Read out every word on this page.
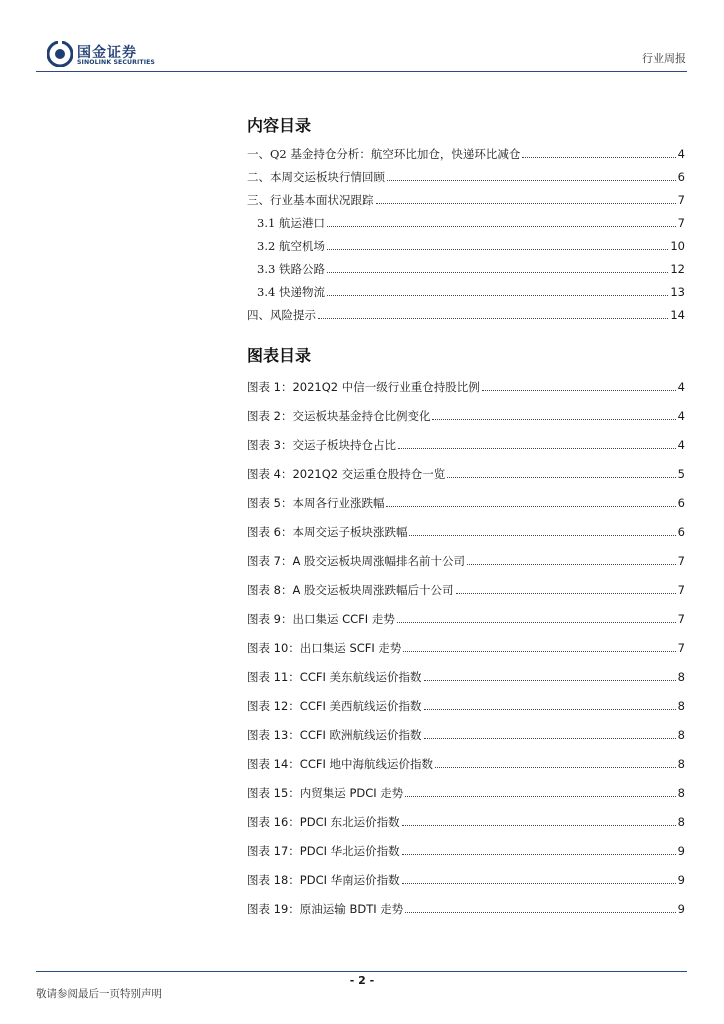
国金证券
SINOLINK SECURITIES	行业周报
内容目录
一、Q2 基金持仓分析：航空环比加仓，快递环比减仓	4
二、本周交运板块行情回顾	6
三、行业基本面状况跟踪	7
3.1 航运港口	7
3.2 航空机场	10
3.3 铁路公路	12
3.4 快递物流	13
四、风险提示	14
图表目录
图表 1：2021Q2 中信一级行业重仓持股比例	4
图表 2：交运板块基金持仓比例变化	4
图表 3：交运子板块持仓占比	4
图表 4：2021Q2 交运重仓股持仓一览	5
图表 5：本周各行业涨跌幅	6
图表 6：本周交运子板块涨跌幅	6
图表 7：A 股交运板块周涨幅排名前十公司	7
图表 8：A 股交运板块周涨跌幅后十公司	7
图表 9：出口集运 CCFI 走势	7
图表 10：出口集运 SCFI 走势	7
图表 11：CCFI 美东航线运价指数	8
图表 12：CCFI 美西航线运价指数	8
图表 13：CCFI 欧洲航线运价指数	8
图表 14：CCFI 地中海航线运价指数	8
图表 15：内贸集运 PDCI 走势	8
图表 16：PDCI 东北运价指数	8
图表 17：PDCI 华北运价指数	9
图表 18：PDCI 华南运价指数	9
图表 19：原油运输 BDTI 走势	9
- 2 -
敬请参阅最后一页特别声明
